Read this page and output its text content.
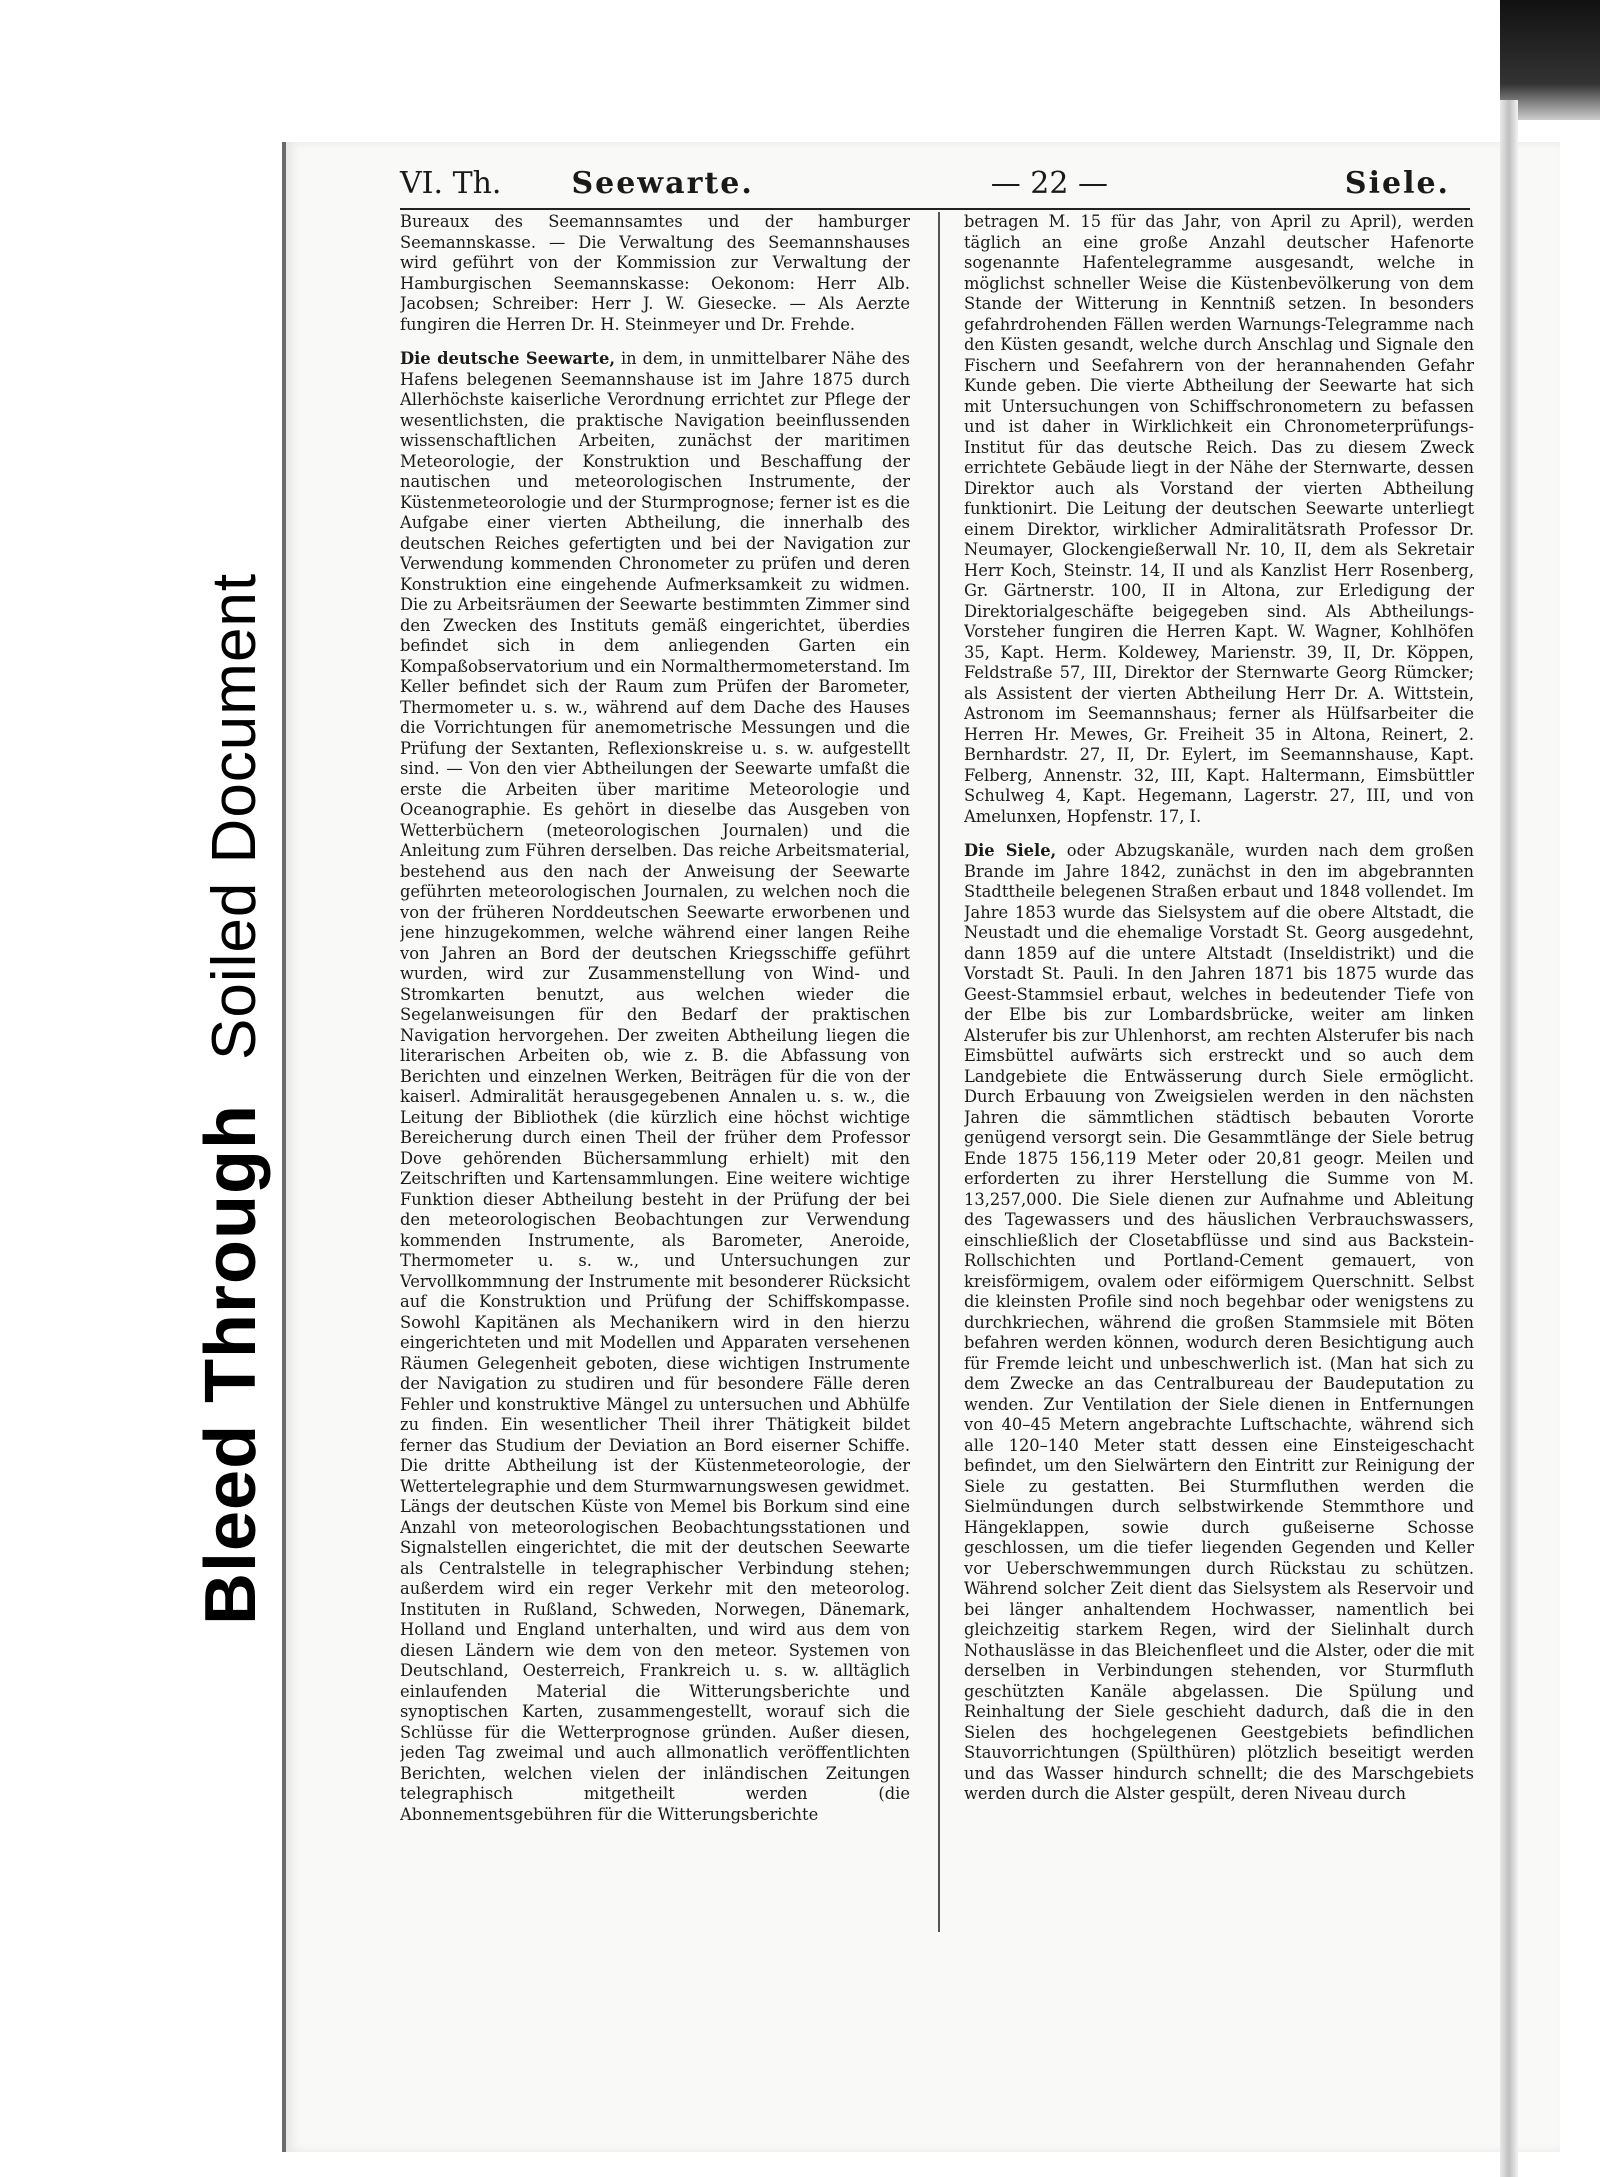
Bleed ThroughSoiled Document
VI. Th. Seewarte.	— 22 —	Siele.

Bureaux des Seemannsamtes und der hamburger Seemannskasse. — Die Verwaltung des Seemannshauses wird geführt von der Kommission zur Verwaltung der Hamburgischen Seemannskasse: Oekonom: Herr Alb. Jacobsen; Schreiber: Herr J. W. Giesecke. — Als Aerzte fungiren die Herren Dr. H. Steinmeyer und Dr. Frehde.

Die deutsche Seewarte, in dem, in unmittelbarer Nähe des Hafens belegenen Seemannshause ist im Jahre 1875 durch Allerhöchste kaiserliche Verordnung errichtet zur Pflege der wesentlichsten, die praktische Navigation beeinflussenden wissenschaftlichen Arbeiten, zunächst der maritimen Meteorologie, der Konstruktion und Beschaffung der nautischen und meteorologischen Instrumente, der Küstenmeteorologie und der Sturmprognose; ferner ist es die Aufgabe einer vierten Abtheilung, die innerhalb des deutschen Reiches gefertigten und bei der Navigation zur Verwendung kommenden Chronometer zu prüfen und deren Konstruktion eine eingehende Aufmerksamkeit zu widmen. Die zu Arbeitsräumen der Seewarte bestimmten Zimmer sind den Zwecken des Instituts gemäß eingerichtet, überdies befindet sich in dem anliegenden Garten ein Kompaßobservatorium und ein Normalthermometerstand. Im Keller befindet sich der Raum zum Prüfen der Barometer, Thermometer u. s. w., während auf dem Dache des Hauses die Vorrichtungen für anemometrische Messungen und die Prüfung der Sextanten, Reflexionskreise u. s. w. aufgestellt sind. — Von den vier Abtheilungen der Seewarte umfaßt die erste die Arbeiten über maritime Meteorologie und Oceanographie. Es gehört in dieselbe das Ausgeben von Wetterbüchern (meteorologischen Journalen) und die Anleitung zum Führen derselben. Das reiche Arbeitsmaterial, bestehend aus den nach der Anweisung der Seewarte geführten meteorologischen Journalen, zu welchen noch die von der früheren Norddeutschen Seewarte erworbenen und jene hinzugekommen, welche während einer langen Reihe von Jahren an Bord der deutschen Kriegsschiffe geführt wurden, wird zur Zusammenstellung von Wind- und Stromkarten benutzt, aus welchen wieder die Segelanweisungen für den Bedarf der praktischen Navigation hervorgehen. Der zweiten Abtheilung liegen die literarischen Arbeiten ob, wie z. B. die Abfassung von Berichten und einzelnen Werken, Beiträgen für die von der kaiserl. Admiralität herausgegebenen Annalen u. s. w., die Leitung der Bibliothek (die kürzlich eine höchst wichtige Bereicherung durch einen Theil der früher dem Professor Dove gehörenden Büchersammlung erhielt) mit den Zeitschriften und Kartensammlungen. Eine weitere wichtige Funktion dieser Abtheilung besteht in der Prüfung der bei den meteorologischen Beobachtungen zur Verwendung kommenden Instrumente, als Barometer, Aneroide, Thermometer u. s. w., und Untersuchungen zur Vervollkommnung der Instrumente mit besonderer Rücksicht auf die Konstruktion und Prüfung der Schiffskompasse. Sowohl Kapitänen als Mechanikern wird in den hierzu eingerichteten und mit Modellen und Apparaten versehenen Räumen Gelegenheit geboten, diese wichtigen Instrumente der Navigation zu studiren und für besondere Fälle deren Fehler und konstruktive Mängel zu untersuchen und Abhülfe zu finden. Ein wesentlicher Theil ihrer Thätigkeit bildet ferner das Studium der Deviation an Bord eiserner Schiffe. Die dritte Abtheilung ist der Küstenmeteorologie, der Wettertelegraphie und dem Sturmwarnungswesen gewidmet. Längs der deutschen Küste von Memel bis Borkum sind eine Anzahl von meteorologischen Beobachtungsstationen und Signalstellen eingerichtet, die mit der deutschen Seewarte als Centralstelle in telegraphischer Verbindung stehen; außerdem wird ein reger Verkehr mit den meteorolog. Instituten in Rußland, Schweden, Norwegen, Dänemark, Holland und England unterhalten, und wird aus dem von diesen Ländern wie dem von den meteor. Systemen von Deutschland, Oesterreich, Frankreich u. s. w. alltäglich einlaufenden Material die Witterungsberichte und synoptischen Karten, zusammengestellt, worauf sich die Schlüsse für die Wetterprognose gründen. Außer diesen, jeden Tag zweimal und auch allmonatlich veröffentlichten Berichten, welchen vielen der inländischen Zeitungen telegraphisch mitgetheilt werden (die Abonnementsgebühren für die Witterungsberichte

betragen M. 15 für das Jahr, von April zu April), werden täglich an eine große Anzahl deutscher Hafenorte sogenannte Hafentelegramme ausgesandt, welche in möglichst schneller Weise die Küstenbevölkerung von dem Stande der Witterung in Kenntniß setzen. In besonders gefahrdrohenden Fällen werden Warnungs-Telegramme nach den Küsten gesandt, welche durch Anschlag und Signale den Fischern und Seefahrern von der herannahenden Gefahr Kunde geben. Die vierte Abtheilung der Seewarte hat sich mit Untersuchungen von Schiffschronometern zu befassen und ist daher in Wirklichkeit ein Chronometerprüfungs-Institut für das deutsche Reich. Das zu diesem Zweck errichtete Gebäude liegt in der Nähe der Sternwarte, dessen Direktor auch als Vorstand der vierten Abtheilung funktionirt. Die Leitung der deutschen Seewarte unterliegt einem Direktor, wirklicher Admiralitätsrath Professor Dr. Neumayer, Glockengießerwall Nr. 10, II, dem als Sekretair Herr Koch, Steinstr. 14, II und als Kanzlist Herr Rosenberg, Gr. Gärtnerstr. 100, II in Altona, zur Erledigung der Direktorialgeschäfte beigegeben sind. Als Abtheilungs-Vorsteher fungiren die Herren Kapt. W. Wagner, Kohlhöfen 35, Kapt. Herm. Koldewey, Marienstr. 39, II, Dr. Köppen, Feldstraße 57, III, Direktor der Sternwarte Georg Rümcker; als Assistent der vierten Abtheilung Herr Dr. A. Wittstein, Astronom im Seemannshaus; ferner als Hülfsarbeiter die Herren Hr. Mewes, Gr. Freiheit 35 in Altona, Reinert, 2. Bernhardstr. 27, II, Dr. Eylert, im Seemannshause, Kapt. Felberg, Annenstr. 32, III, Kapt. Haltermann, Eimsbüttler Schulweg 4, Kapt. Hegemann, Lagerstr. 27, III, und von Amelunxen, Hopfenstr. 17, I.

Die Siele, oder Abzugskanäle, wurden nach dem großen Brande im Jahre 1842, zunächst in den im abgebrannten Stadttheile belegenen Straßen erbaut und 1848 vollendet. Im Jahre 1853 wurde das Sielsystem auf die obere Altstadt, die Neustadt und die ehemalige Vorstadt St. Georg ausgedehnt, dann 1859 auf die untere Altstadt (Inseldistrikt) und die Vorstadt St. Pauli. In den Jahren 1871 bis 1875 wurde das Geest-Stammsiel erbaut, welches in bedeutender Tiefe von der Elbe bis zur Lombardsbrücke, weiter am linken Alsterufer bis zur Uhlenhorst, am rechten Alsterufer bis nach Eimsbüttel aufwärts sich erstreckt und so auch dem Landgebiete die Entwässerung durch Siele ermöglicht. Durch Erbauung von Zweigsielen werden in den nächsten Jahren die sämmtlichen städtisch bebauten Vororte genügend versorgt sein. Die Gesammtlänge der Siele betrug Ende 1875 156,119 Meter oder 20,81 geogr. Meilen und erforderten zu ihrer Herstellung die Summe von M. 13,257,000. Die Siele dienen zur Aufnahme und Ableitung des Tagewassers und des häuslichen Verbrauchswassers, einschließlich der Closetabflüsse und sind aus Backstein-Rollschichten und Portland-Cement gemauert, von kreisförmigem, ovalem oder eiförmigem Querschnitt. Selbst die kleinsten Profile sind noch begehbar oder wenigstens zu durchkriechen, während die großen Stammsiele mit Böten befahren werden können, wodurch deren Besichtigung auch für Fremde leicht und unbeschwerlich ist. (Man hat sich zu dem Zwecke an das Centralbureau der Baudeputation zu wenden. Zur Ventilation der Siele dienen in Entfernungen von 40–45 Metern angebrachte Luftschachte, während sich alle 120–140 Meter statt dessen eine Einsteigeschacht befindet, um den Sielwärtern den Eintritt zur Reinigung der Siele zu gestatten. Bei Sturmfluthen werden die Sielmündungen durch selbstwirkende Stemmthore und Hängeklappen, sowie durch gußeiserne Schosse geschlossen, um die tiefer liegenden Gegenden und Keller vor Ueberschwemmungen durch Rückstau zu schützen. Während solcher Zeit dient das Sielsystem als Reservoir und bei länger anhaltendem Hochwasser, namentlich bei gleichzeitig starkem Regen, wird der Sielinhalt durch Nothauslässe in das Bleichenfleet und die Alster, oder die mit derselben in Verbindungen stehenden, vor Sturmfluth geschützten Kanäle abgelassen. Die Spülung und Reinhaltung der Siele geschieht dadurch, daß die in den Sielen des hochgelegenen Geestgebiets befindlichen Stauvorrichtungen (Spülthüren) plötzlich beseitigt werden und das Wasser hindurch schnellt; die des Marschgebiets werden durch die Alster gespült, deren Niveau durch
